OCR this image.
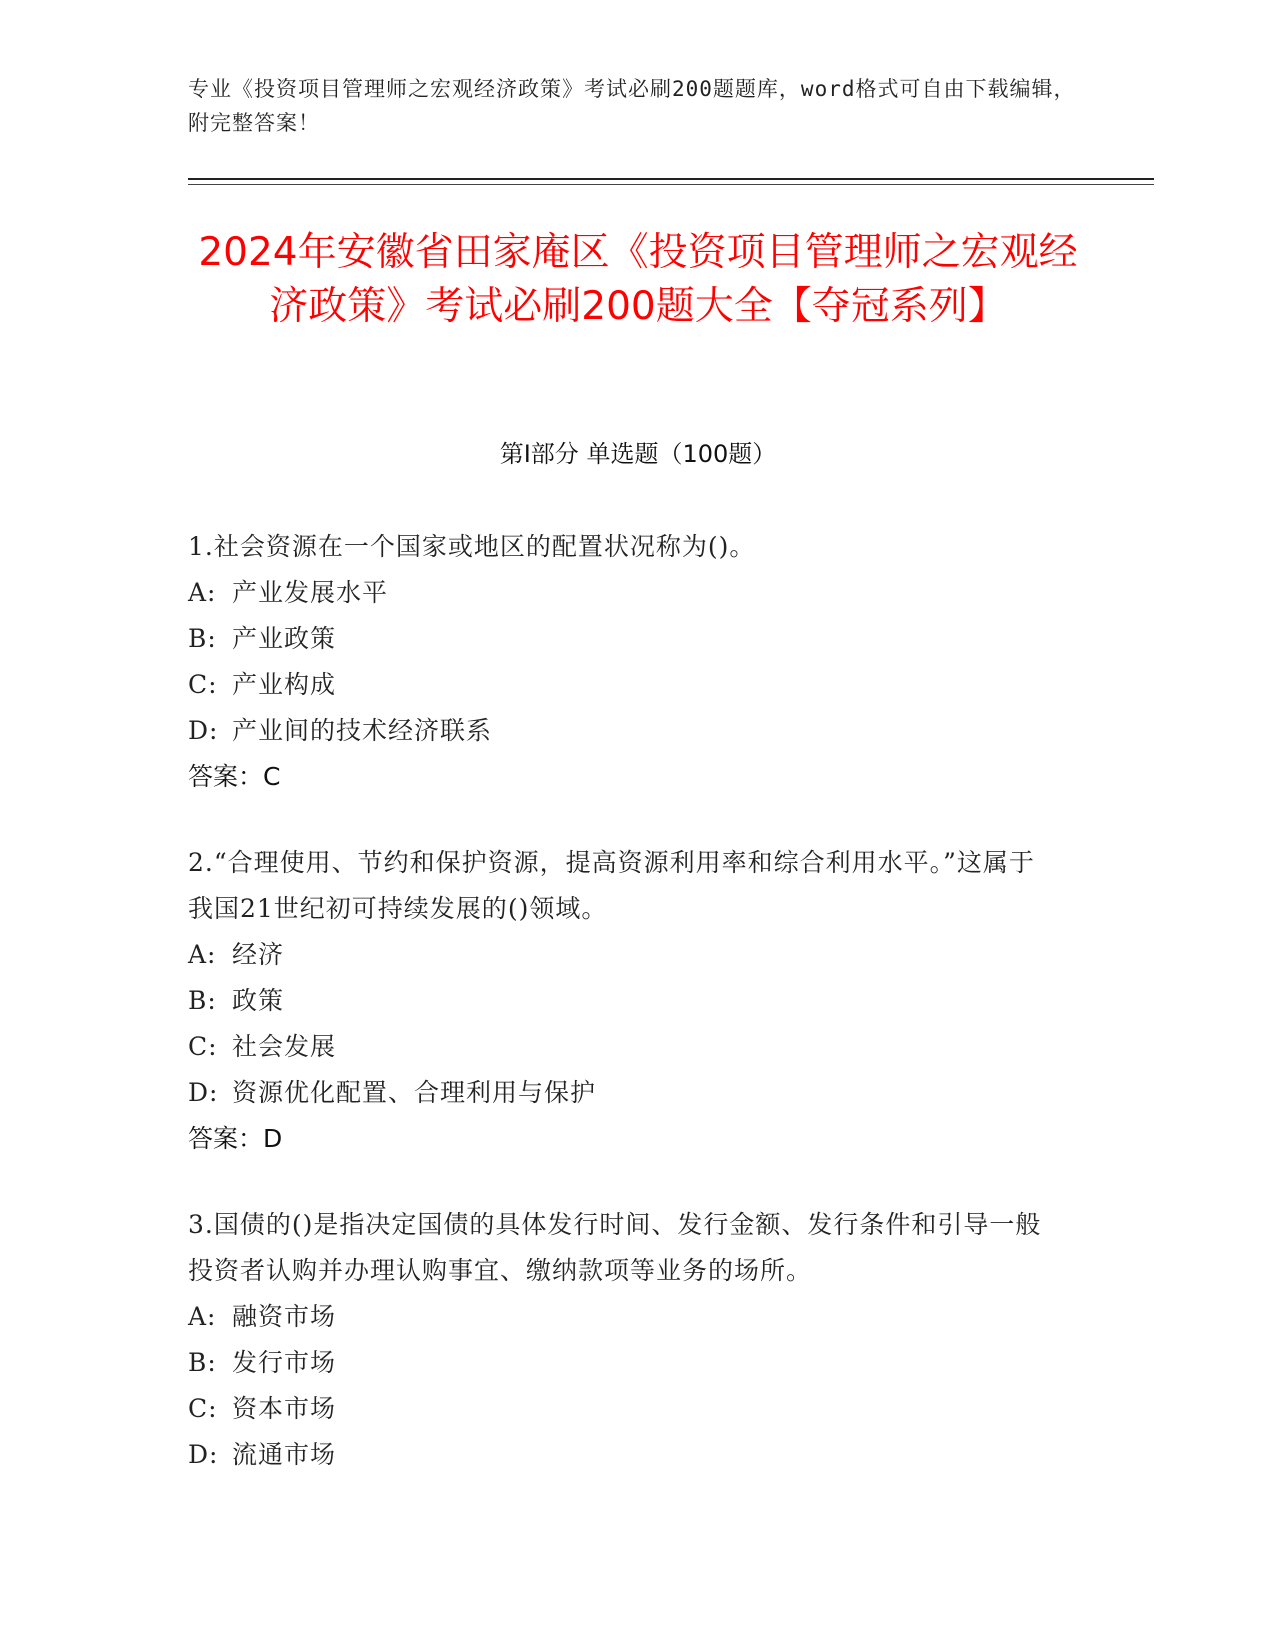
专业《投资项目管理师之宏观经济政策》考试必刷200题题库，word格式可自由下载编辑，附完整答案！
2024年安徽省田家庵区《投资项目管理师之宏观经济政策》考试必刷200题大全【夺冠系列】
第Ⅰ部分 单选题（100题）
1.社会资源在一个国家或地区的配置状况称为()。
A: 产业发展水平
B: 产业政策
C: 产业构成
D: 产业间的技术经济联系
答案：C
2.“合理使用、节约和保护资源，提高资源利用率和综合利用水平。”这属于我国21世纪初可持续发展的()领域。
A: 经济
B: 政策
C: 社会发展
D: 资源优化配置、合理利用与保护
答案：D
3.国债的()是指决定国债的具体发行时间、发行金额、发行条件和引导一般投资者认购并办理认购事宜、缴纳款项等业务的场所。
A: 融资市场
B: 发行市场
C: 资本市场
D: 流通市场
